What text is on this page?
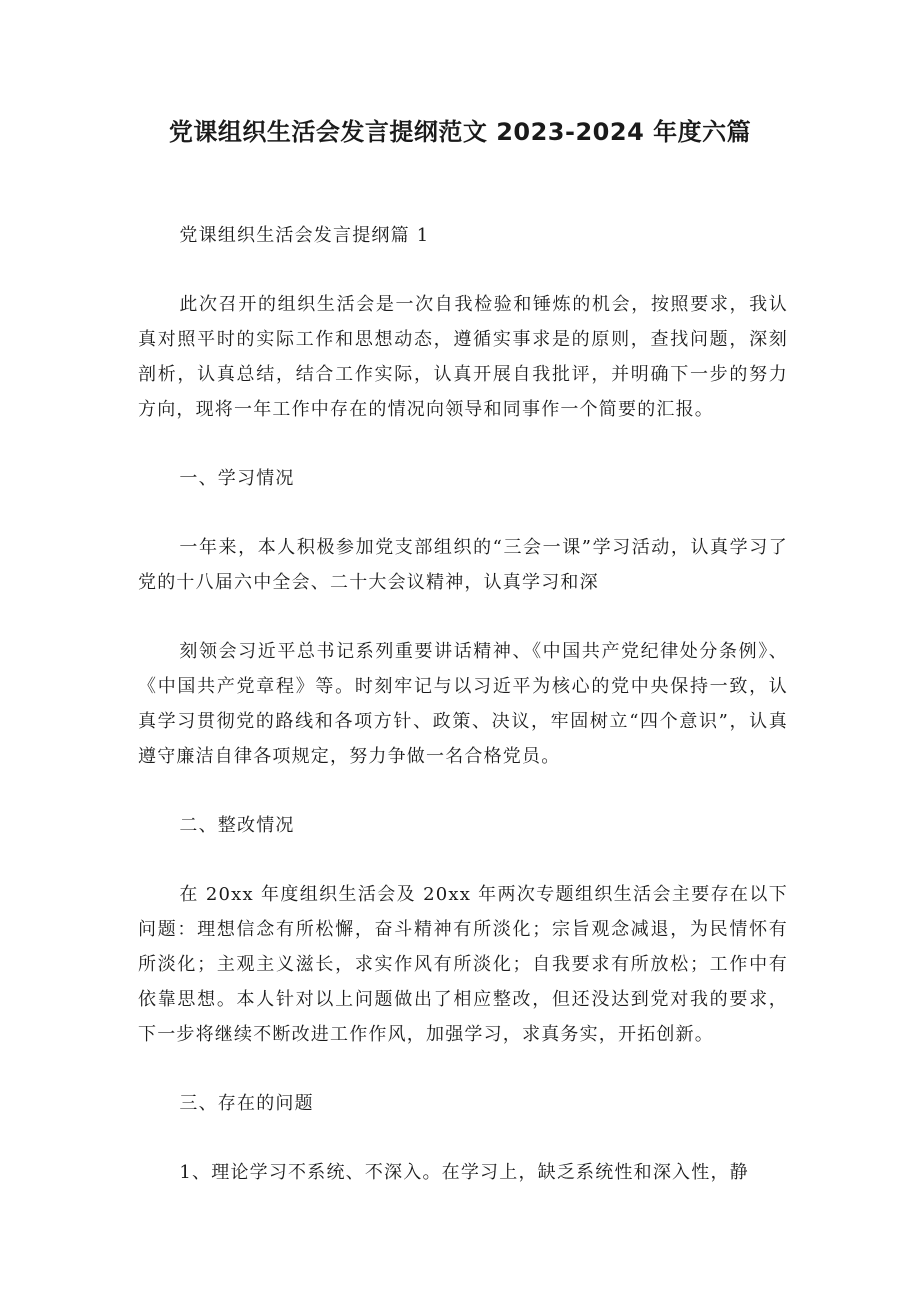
党课组织生活会发言提纲范文 2023-2024 年度六篇

党课组织生活会发言提纲篇 1

此次召开的组织生活会是一次自我检验和锤炼的机会，按照要求，我认真对照平时的实际工作和思想动态，遵循实事求是的原则，查找问题，深刻剖析，认真总结，结合工作实际，认真开展自我批评，并明确下一步的努力方向，现将一年工作中存在的情况向领导和同事作一个简要的汇报。

一、学习情况

一年来，本人积极参加党支部组织的“三会一课”学习活动，认真学习了党的十八届六中全会、二十大会议精神，认真学习和深

刻领会习近平总书记系列重要讲话精神、《中国共产党纪律处分条例》、《中国共产党章程》等。时刻牢记与以习近平为核心的党中央保持一致，认真学习贯彻党的路线和各项方针、政策、决议，牢固树立“四个意识”，认真遵守廉洁自律各项规定，努力争做一名合格党员。

二、整改情况

在 20xx 年度组织生活会及 20xx 年两次专题组织生活会主要存在以下问题：理想信念有所松懈，奋斗精神有所淡化；宗旨观念减退，为民情怀有所淡化；主观主义滋长，求实作风有所淡化；自我要求有所放松；工作中有依靠思想。本人针对以上问题做出了相应整改，但还没达到党对我的要求，下一步将继续不断改进工作作风，加强学习，求真务实，开拓创新。

三、存在的问题

1、理论学习不系统、不深入。在学习上，缺乏系统性和深入性，静
